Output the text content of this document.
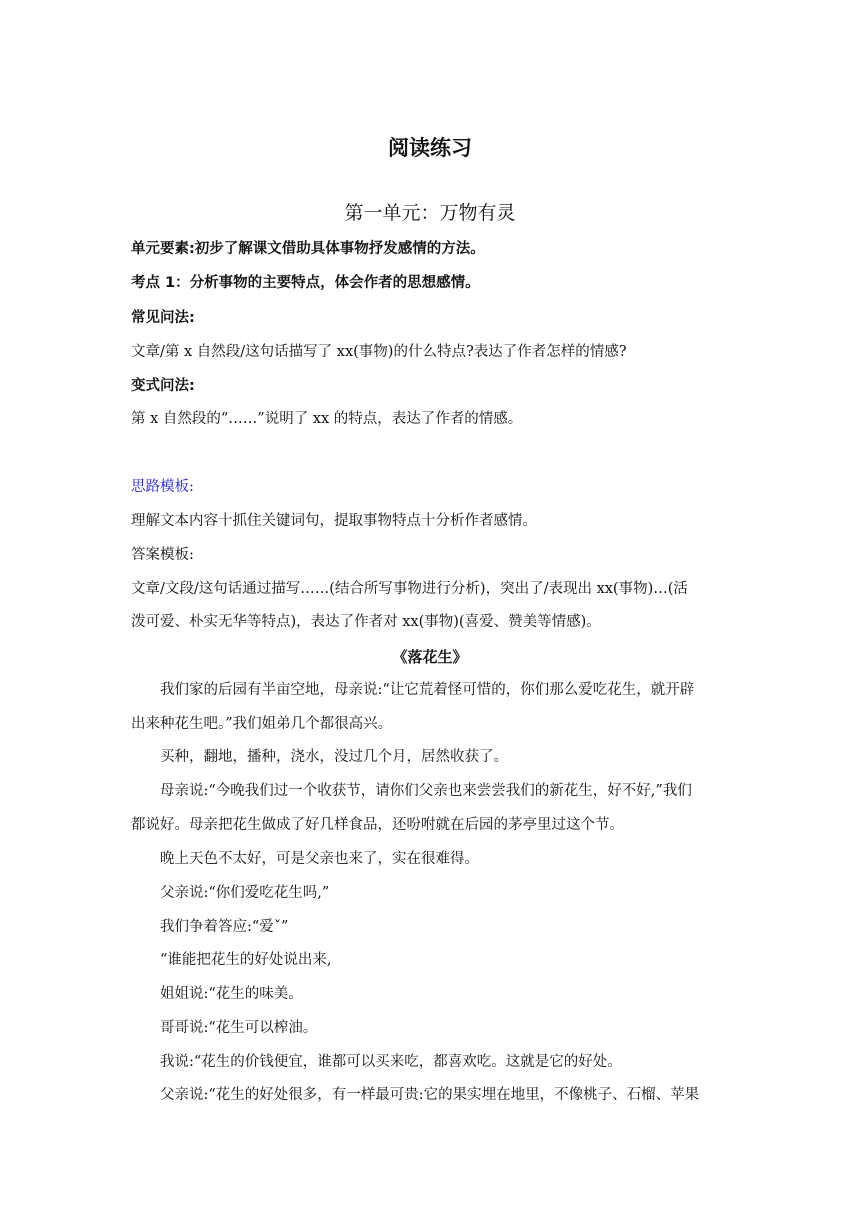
阅读练习
第一单元：万物有灵
单元要素:初步了解课文借助具体事物抒发感情的方法。
考点 1：分析事物的主要特点，体会作者的思想感情。
常见问法:
文章/第 x 自然段/这句话描写了 xx(事物)的什么特点?表达了作者怎样的情感?
变式问法:
第 x 自然段的“……”说明了 xx 的特点，表达了作者的情感。
思路模板:
理解文本内容十抓住关键词句，提取事物特点十分析作者感情。
答案模板:
文章/文段/这句话通过描写……(结合所写事物进行分析)，突出了/表现出 xx(事物)…(活
泼可爱、朴实无华等特点)，表达了作者对 xx(事物)(喜爱、赞美等情感)。
《落花生》
我们家的后园有半亩空地，母亲说:“让它荒着怪可惜的，你们那么爱吃花生，就开辟
出来种花生吧。”我们姐弟几个都很高兴。
买种，翻地，播种，浇水，没过几个月，居然收获了。
母亲说:“今晚我们过一个收获节，请你们父亲也来尝尝我们的新花生，好不好,”我们
都说好。母亲把花生做成了好几样食品，还吩咐就在后园的茅亭里过这个节。
晚上天色不太好，可是父亲也来了，实在很难得。
父亲说:“你们爱吃花生吗,”
我们争着答应:“爱ˇ”
“谁能把花生的好处说出来,
姐姐说:“花生的味美。
哥哥说:“花生可以榨油。
我说:“花生的价钱便宜，谁都可以买来吃，都喜欢吃。这就是它的好处。
父亲说:“花生的好处很多，有一样最可贵:它的果实埋在地里，不像桃子、石榴、苹果
